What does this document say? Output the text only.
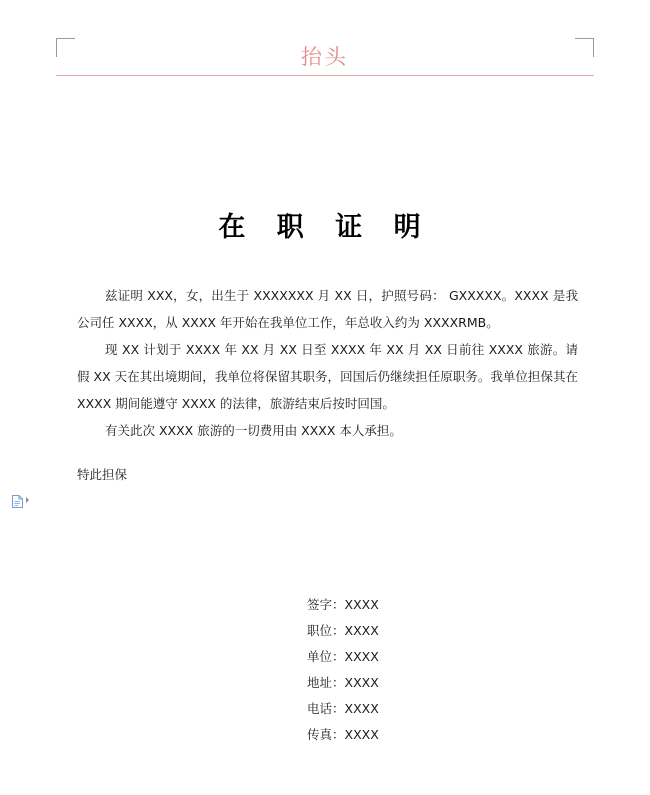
抬头
在 职 证 明

兹证明 XXX，女，出生于 XXXXXXX 月 XX 日，护照号码： GXXXXX。XXXX 是我公司任 XXXX，从 XXXX 年开始在我单位工作，年总收入约为 XXXXRMB。

现 XX 计划于 XXXX 年 XX 月 XX 日至 XXXX 年 XX 月 XX 日前往 XXXX 旅游。请假 XX 天在其出境期间，我单位将保留其职务，回国后仍继续担任原职务。我单位担保其在 XXXX 期间能遵守 XXXX 的法律，旅游结束后按时回国。

有关此次 XXXX 旅游的一切费用由 XXXX 本人承担。

特此担保

签字：XXXX
职位：XXXX
单位：XXXX
地址：XXXX
电话：XXXX
传真：XXXX
